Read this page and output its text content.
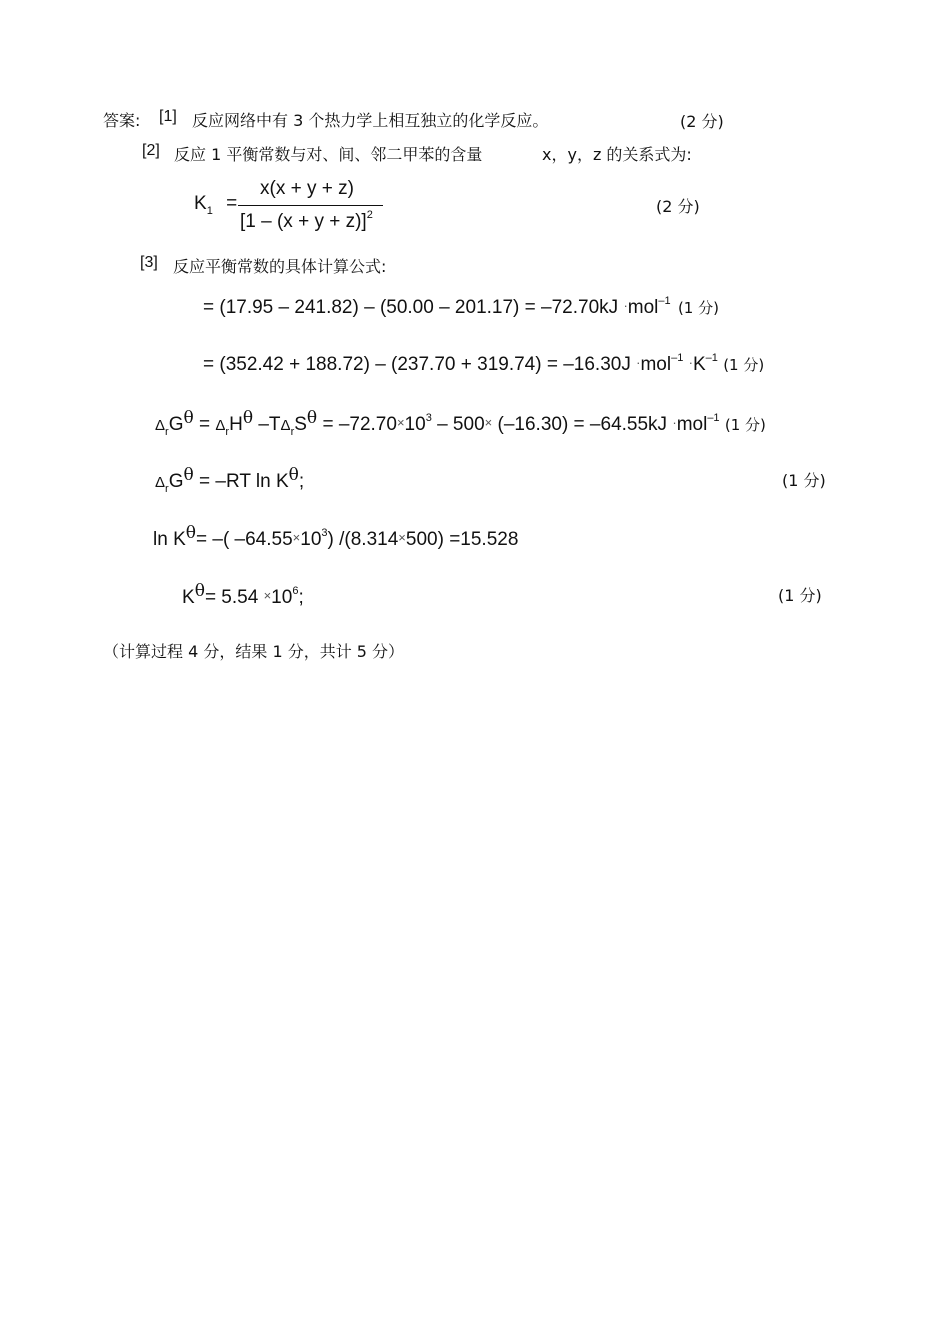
答案: [1] 反应网络中有 3 个热力学上相互独立的化学反应。	(2 分)
[2] 反应 1 平衡常数与对、间、邻二甲苯的含量	x，y，z 的关系式为:
$K_1$ =
x(x + y + z)
$[1 - (x + y + z)]^2$	(2 分)
[3] 反应平衡常数的具体计算公式:
= (17.95 – 241.82) – (50.00 – 201.17) = –72.70kJ ·mol$^{-1}$ (1 分)
= $(352.42 + 188.72) - (237.70 + 319.74) = -16.30J \cdot mol^{-1} \cdot K^{-1}$ (1 分)
$\Delta_rG\theta = \Delta_rH\theta$ $-T\Delta_rS\theta = -72.70\times 10^3 - 500\times (-16.30) = -64.55kJ \cdot mol^{-1}$ (1 分)
$\Delta_rG\theta = -RT$ ln Kθ;	(1 分)
ln Kθ= –( $-64.55\times 10^3$) /(8.314×500) =15.528
$K\theta= 5.54 \times 10^6$;	(1 分)
（计算过程 4 分，结果 1 分，共计 5 分）
